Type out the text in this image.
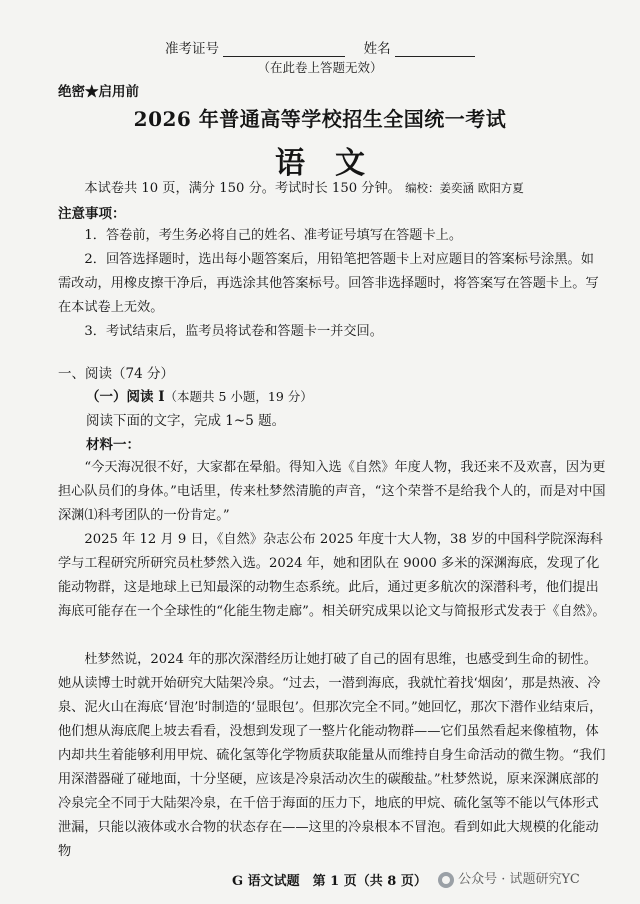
准考证号	姓名
（在此卷上答题无效）
绝密★启用前
2026 年普通高等学校招生全国统一考试
语　文
本试卷共 10 页，满分 150 分。考试时长 150 分钟。 编校：姜奕涵 欧阳方夏
注意事项：
1．答卷前，考生务必将自己的姓名、准考证号填写在答题卡上。
2．回答选择题时，选出每小题答案后，用铅笔把答题卡上对应题目的答案标号涂黑。如需改动，用橡皮擦干净后，再选涂其他答案标号。回答非选择题时，将答案写在答题卡上。写在本试卷上无效。
3．考试结束后，监考员将试卷和答题卡一并交回。
一、阅读（74 分）
（一）阅读 I（本题共 5 小题，19 分）
阅读下面的文字，完成 1~5 题。
材料一：
“今天海况很不好，大家都在晕船。得知入选《自然》年度人物，我还来不及欢喜，因为更担心队员们的身体。”电话里，传来杜梦然清脆的声音，“这个荣誉不是给我个人的，而是对中国深渊⑴科考团队的一份肯定。”
2025 年 12 月 9 日，《自然》杂志公布 2025 年度十大人物，38 岁的中国科学院深海科学与工程研究所研究员杜梦然入选。2024 年，她和团队在 9000 多米的深渊海底，发现了化能动物群，这是地球上已知最深的动物生态系统。此后，通过更多航次的深潜科考，他们提出海底可能存在一个全球性的“化能生物走廊”。相关研究成果以论文与简报形式发表于《自然》。
杜梦然说，2024 年的那次深潜经历让她打破了自己的固有思维，也感受到生命的韧性。她从读博士时就开始研究大陆架冷泉。“过去，一潜到海底，我就忙着找‘烟囱’，那是热液、冷泉、泥火山在海底‘冒泡’时制造的‘显眼包’。但那次完全不同。”她回忆，那次下潜作业结束后，他们想从海底爬上坡去看看，没想到发现了一整片化能动物群——它们虽然看起来像植物，体内却共生着能够利用甲烷、硫化氢等化学物质获取能量从而维持自身生命活动的微生物。“我们用深潜器碰了碰地面，十分坚硬，应该是冷泉活动次生的碳酸盐。”杜梦然说，原来深渊底部的冷泉完全不同于大陆架冷泉，在千倍于海面的压力下，地底的甲烷、硫化氢等不能以气体形式泄漏，只能以液体或水合物的状态存在——这里的冷泉根本不冒泡。看到如此大规模的化能动物
G 语文试题　第 1 页（共 8 页）	公众号 · 试题研究YC
